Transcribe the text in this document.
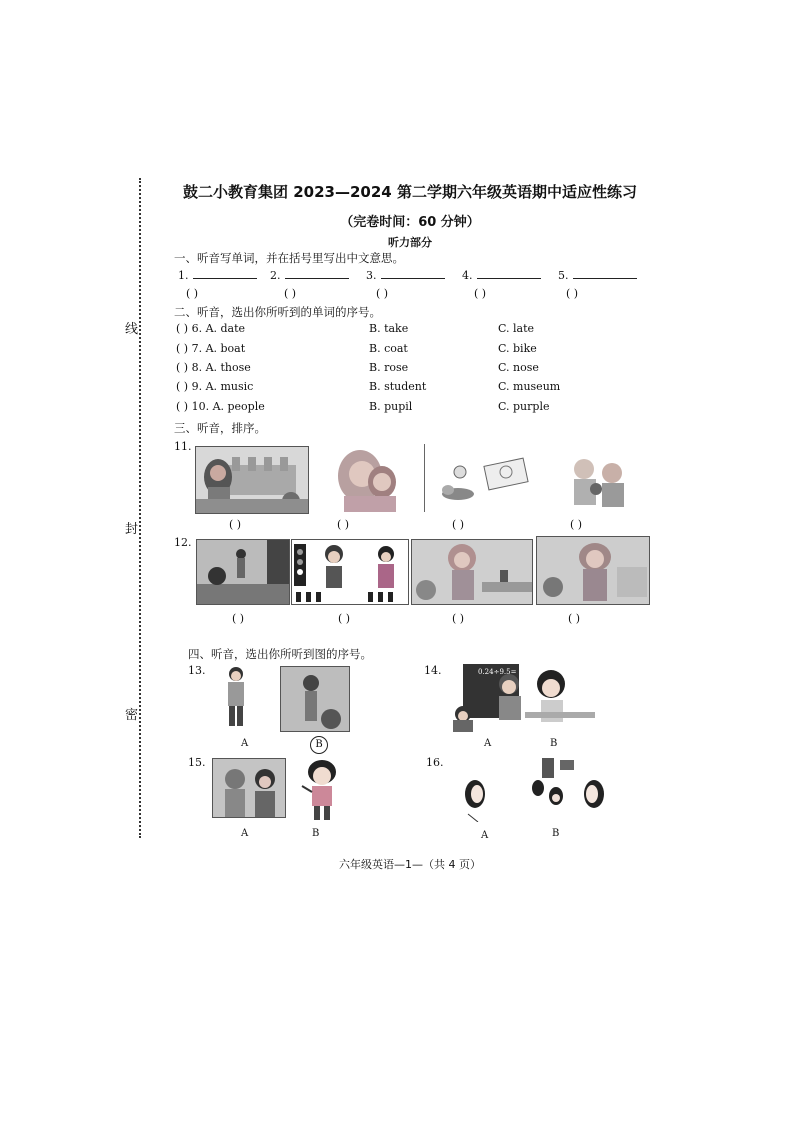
线
封
密
鼓二小教育集团 2023—2024 第二学期六年级英语期中适应性练习
（完卷时间：60 分钟）
听力部分
一、听音写单词，并在括号里写出中文意思。
1.	2.	3.	4.	5.
( )	( )	( )	( )	( )
二、听音，选出你所听到的单词的序号。
( ) 6. A. date	B. take	C. late
( ) 7. A. boat	B. coat	C. bike
( ) 8. A. those	B. rose	C. nose
( ) 9. A. music	B. student	C. museum
( ) 10. A. people	B. pupil	C. purple
三、听音，排序。
11.
( )	( )	( )	( )
12.
( )	( )	( )	( )
四、听音，选出你所听到图的序号。
13.
A	B
14.	0.24÷9.5=
A	B
15.
A	B
16.
A	B
六年级英语—1—（共 4 页）
